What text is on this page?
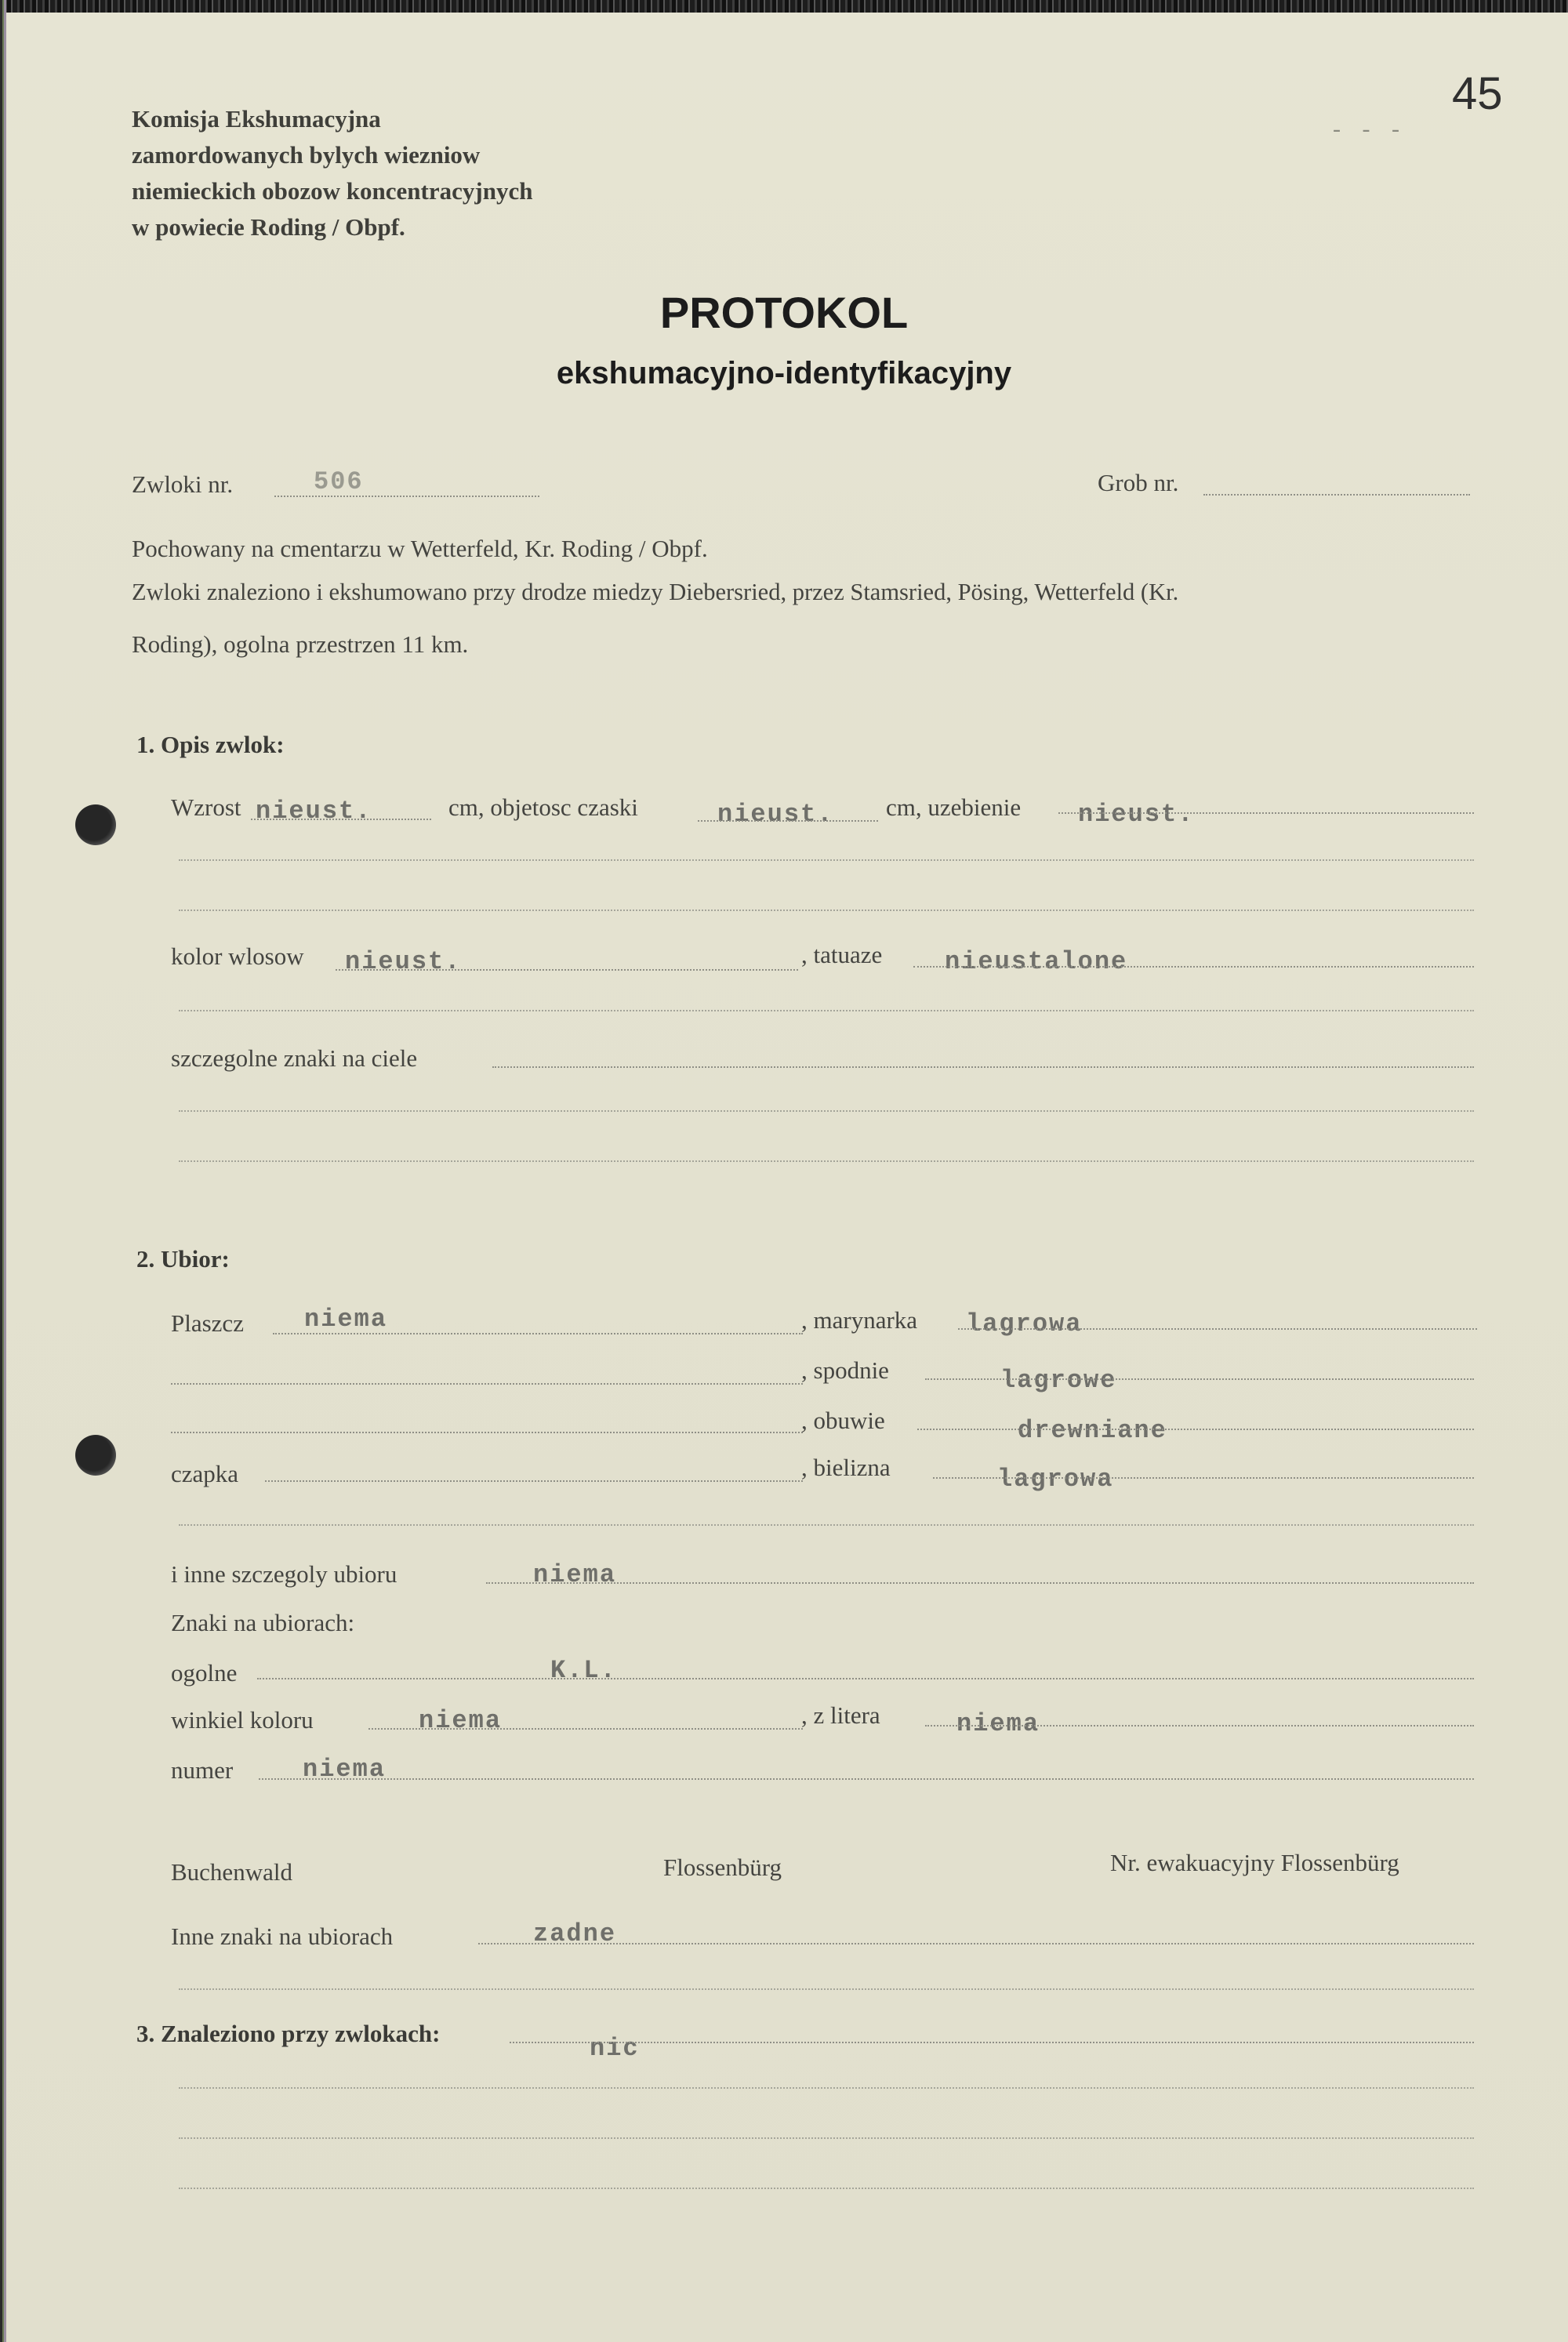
45
- - -
Komisja Ekshumacyjna
zamordowanych bylych wiezniow
niemieckich obozow koncentracyjnych
w powiecie Roding / Obpf.
PROTOKOL
ekshumacyjno-identyfikacyjny
Zwloki nr.	506	Grob nr.
Pochowany na cmentarzu w Wetterfeld, Kr. Roding / Obpf.
Zwloki znaleziono i ekshumowano przy drodze miedzy Diebersried, przez Stamsried, Pösing, Wetterfeld (Kr.
Roding), ogolna przestrzen 11 km.
1. Opis zwlok:
Wzrost nieust.	cm, objetosc czaski	nieust. cm, uzebienie nieust.
kolor wlosow nieust.	, tatuaze nieustalone
szczegolne znaki na ciele
2. Ubior:
Plaszcz niema	, marynarka lagrowa
, spodnie	lagrowe
, obuwie	drewniane
czapka	, bielizna	lagrowa
i inne szczegoly ubioru	niema
Znaki na ubiorach:
ogolne	K.L.
winkiel koloru	niema	, z litera	niema
numer	niema
Buchenwald	Flossenbürg	Nr. ewakuacyjny Flossenbürg
Inne znaki na ubiorach	zadne
3. Znaleziono przy zwlokach:
nic
